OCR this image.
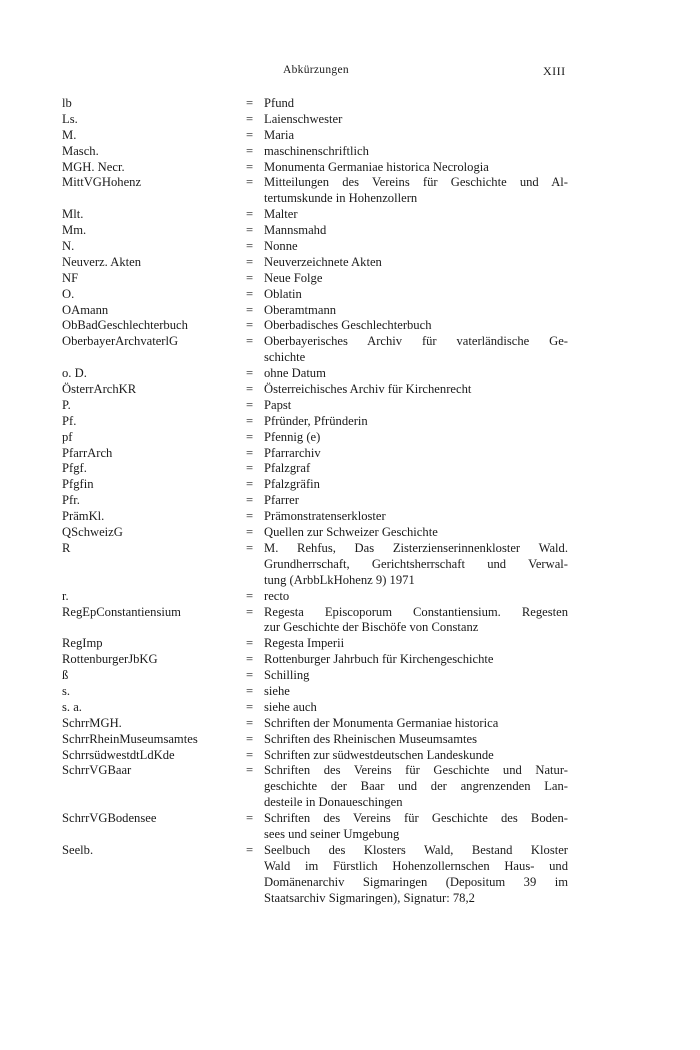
Abkürzungen	XIII
lb	= Pfund
Ls.	= Laienschwester
M.	= Maria
Masch.	= maschinenschriftlich
MGH. Necr.	= Monumenta Germaniae historica Necrologia
MittVGHohenz	= Mitteilungen des Vereins für Geschichte und Al-
tertumskunde in Hohenzollern
Mlt.	= Malter
Mm.	= Mannsmahd
N.	= Nonne
Neuverz. Akten	= Neuverzeichnete Akten
NF	= Neue Folge
O.	= Oblatin
OAmann	= Oberamtmann
ObBadGeschlechterbuch	= Oberbadisches Geschlechterbuch
OberbayerArchvaterlG	= Oberbayerisches Archiv für vaterländische Ge-
schichte
o. D.	= ohne Datum
ÖsterrArchKR	= Österreichisches Archiv für Kirchenrecht
P.	= Papst
Pf.	= Pfründer, Pfründerin
pf	= Pfennig (e)
PfarrArch	= Pfarrarchiv
Pfgf.	= Pfalzgraf
Pfgfin	= Pfalzgräfin
Pfr.	= Pfarrer
PrämKl.	= Prämonstratenserkloster
QSchweizG	= Quellen zur Schweizer Geschichte
R	= M. Rehfus, Das Zisterzienserinnenkloster Wald.
Grundherrschaft, Gerichtsherrschaft und Verwal-
tung (ArbbLkHohenz 9) 1971
r.	= recto
RegEpConstantiensium	= Regesta Episcoporum Constantiensium. Regesten
zur Geschichte der Bischöfe von Constanz
RegImp	= Regesta Imperii
RottenburgerJbKG	= Rottenburger Jahrbuch für Kirchengeschichte
ß	= Schilling
s.	= siehe
s. a.	= siehe auch
SchrrMGH.	= Schriften der Monumenta Germaniae historica
SchrrRheinMuseumsamtes	= Schriften des Rheinischen Museumsamtes
SchrrsüdwestdtLdKde	= Schriften zur südwestdeutschen Landeskunde
SchrrVGBaar	= Schriften des Vereins für Geschichte und Natur-
geschichte der Baar und der angrenzenden Lan-
desteile in Donaueschingen
SchrrVGBodensee	= Schriften des Vereins für Geschichte des Boden-
sees und seiner Umgebung
Seelb.	= Seelbuch des Klosters Wald, Bestand Kloster
Wald im Fürstlich Hohenzollernschen Haus- und
Domänenarchiv Sigmaringen (Depositum 39 im
Staatsarchiv Sigmaringen), Signatur: 78,2
